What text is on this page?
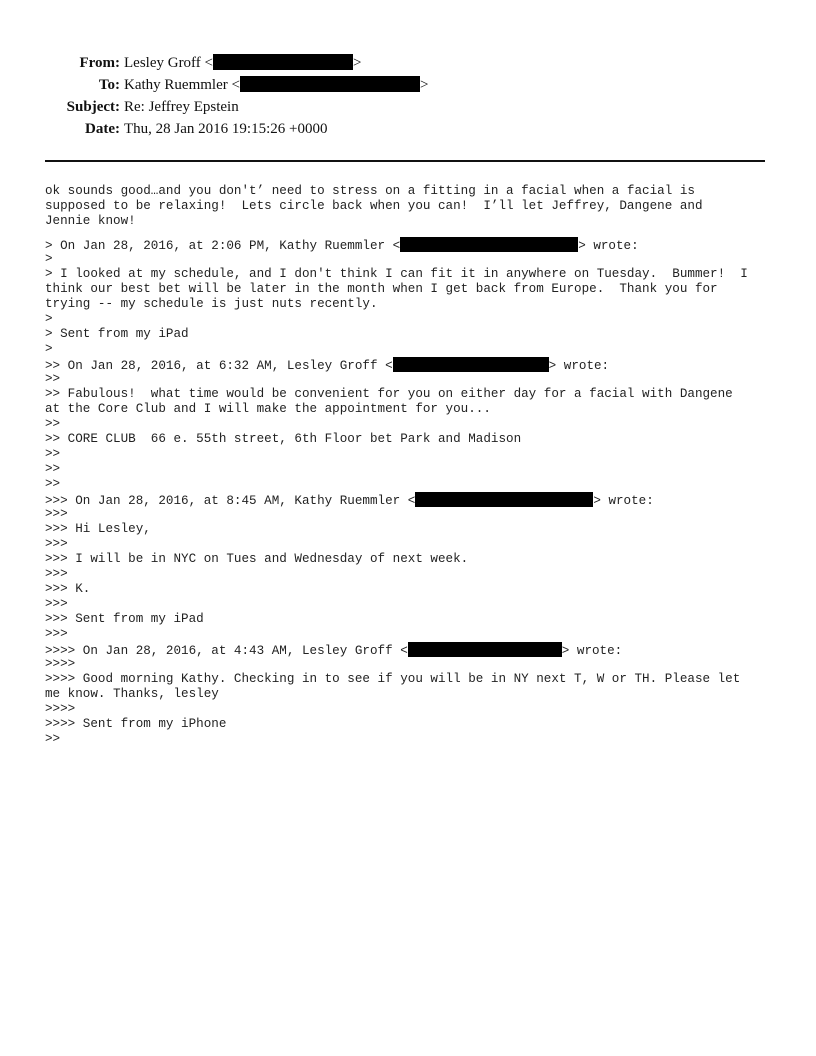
From: Lesley Groff <	>
To: Kathy Ruemmler <	>
Subject: Re: Jeffrey Epstein
Date: Thu, 28 Jan 2016 19:15:26 +0000
ok sounds good…and you don't’ need to stress on a fitting in a facial when a facial is
supposed to be relaxing!  Lets circle back when you can!  I’ll let Jeffrey, Dangene and
Jennie know!
> On Jan 28, 2016, at 2:06 PM, Kathy Ruemmler <	> wrote:
>
> I looked at my schedule, and I don't think I can fit it in anywhere on Tuesday.  Bummer!  I
think our best bet will be later in the month when I get back from Europe.  Thank you for
trying -- my schedule is just nuts recently.
>
> Sent from my iPad
>
>> On Jan 28, 2016, at 6:32 AM, Lesley Groff <	> wrote:
>>
>> Fabulous!  what time would be convenient for you on either day for a facial with Dangene
at the Core Club and I will make the appointment for you...
>>
>> CORE CLUB  66 e. 55th street, 6th Floor bet Park and Madison
>>
>>
>>
>>> On Jan 28, 2016, at 8:45 AM, Kathy Ruemmler <	> wrote:
>>>
>>> Hi Lesley,
>>>
>>> I will be in NYC on Tues and Wednesday of next week.
>>>
>>> K.
>>>
>>> Sent from my iPad
>>>
>>>> On Jan 28, 2016, at 4:43 AM, Lesley Groff <	> wrote:
>>>>
>>>> Good morning Kathy. Checking in to see if you will be in NY next T, W or TH. Please let
me know. Thanks, lesley
>>>>
>>>> Sent from my iPhone
>>
